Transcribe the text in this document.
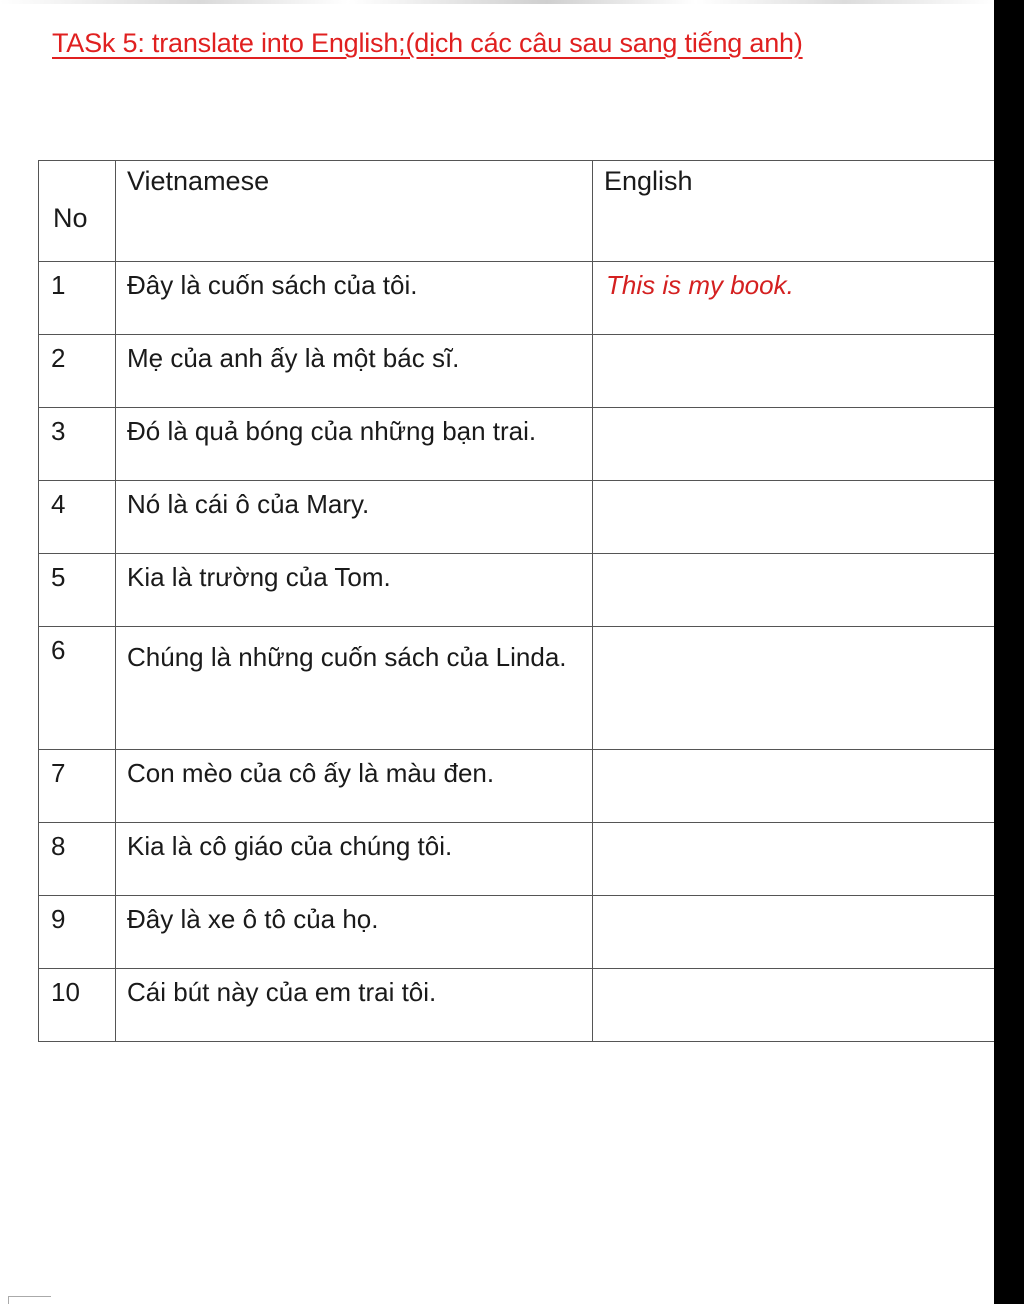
TASk 5: translate into English;(dịch các câu sau sang tiếng anh)
No	Vietnamese	English

1	Đây là cuốn sách của tôi.	This is my book.

2	Mẹ của anh ấy là một bác sĩ.	

3	Đó là quả bóng của những bạn trai.	

4	Nó là cái ô của Mary.	

5	Kia là trường của Tom.	

6	Chúng là những cuốn sách của Linda.	

7	Con mèo của cô ấy là màu đen.	

8	Kia là cô giáo của chúng tôi.	

9	Đây là xe ô tô của họ.	

10	Cái bút này của em trai tôi.	
